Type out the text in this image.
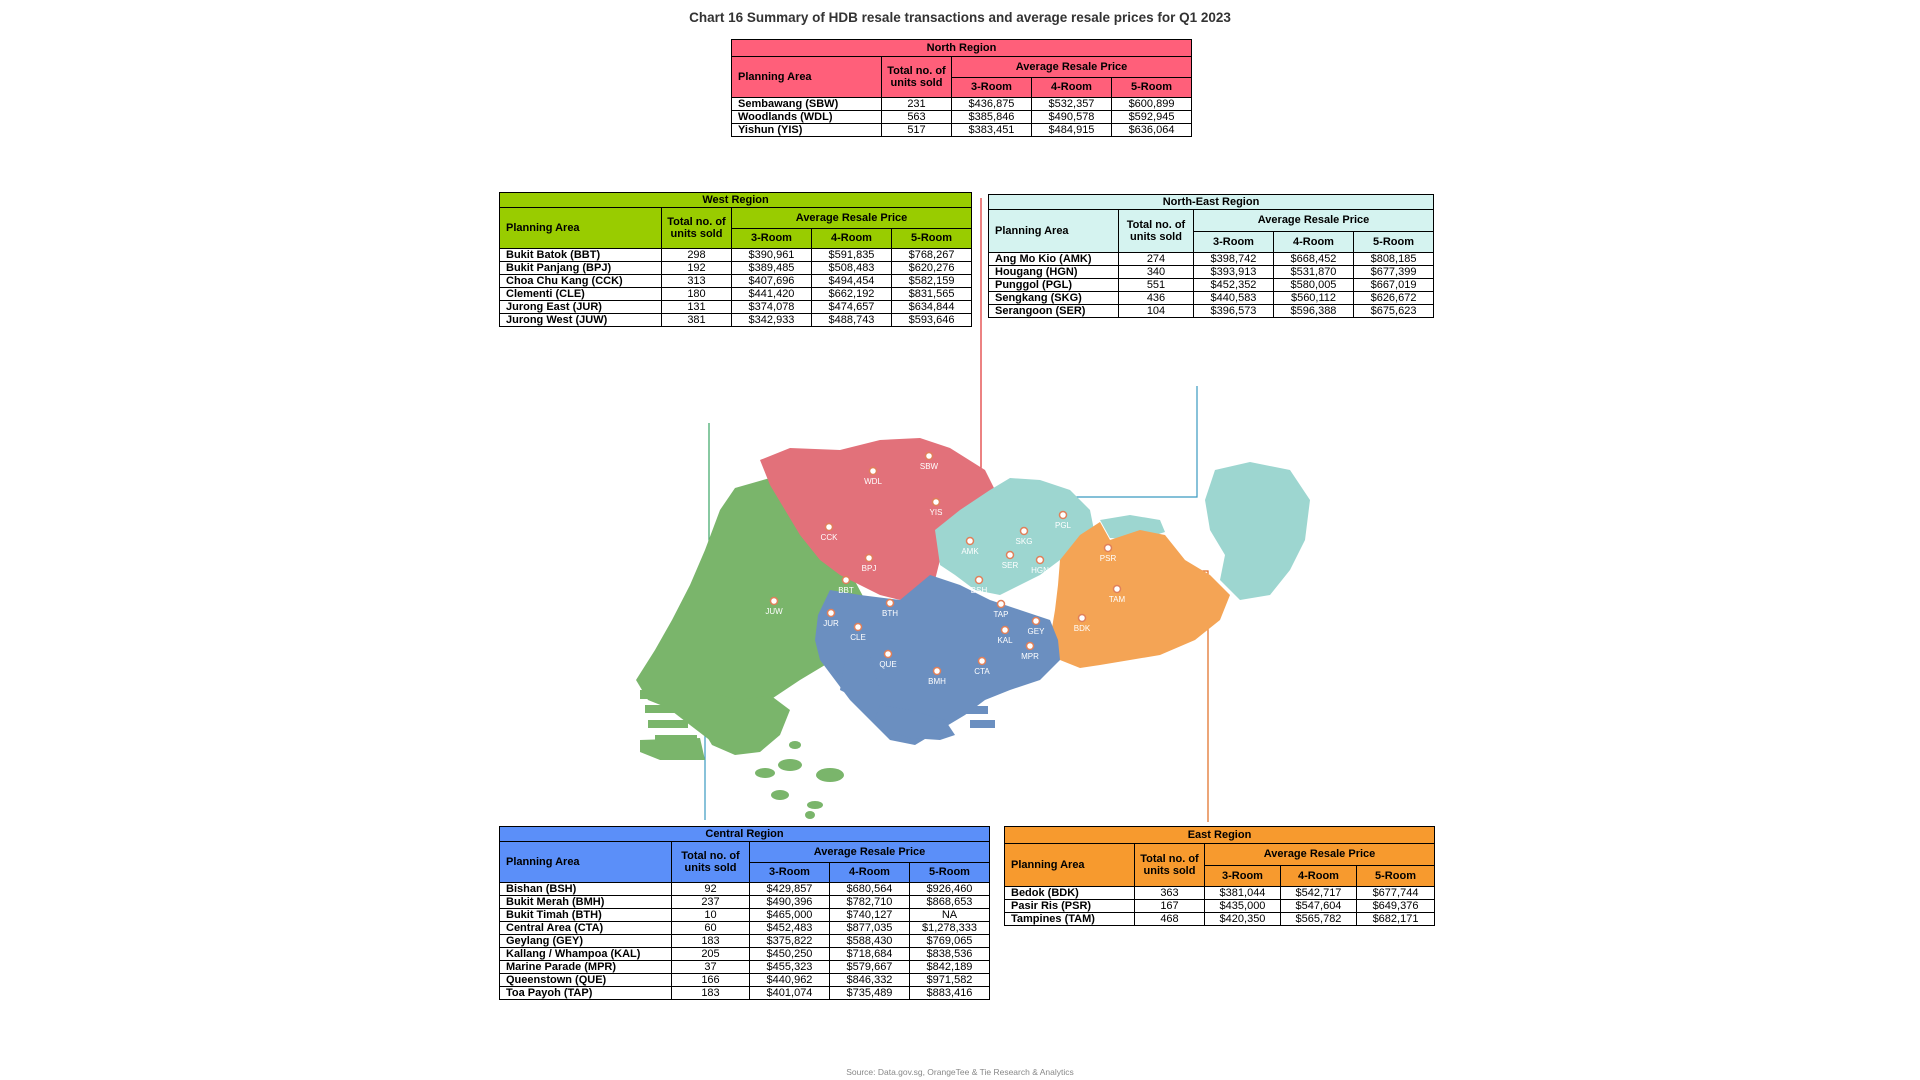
Chart 16 Summary of HDB resale transactions and average resale prices for Q1 2023
SBW
WDL
YIS
CCK
BPJ
BBT
JUW
JUR
CLE
BTH
AMK
SKG
PGL
SER
HGN
BSH
TAP
KAL
GEY
MPR
CTA
QUE
BMH
PSR
TAM
BDK
North Region				
Planning Area	Total no. of units sold	Average Resale Price		
		3-Room	4-Room	5-Room
Sembawang (SBW)	231	$436,875	$532,357	$600,899
Woodlands (WDL)	563	$385,846	$490,578	$592,945
Yishun (YIS)	517	$383,451	$484,915	$636,064
West Region				
Planning Area	Total no. of units sold	Average Resale Price		
		3-Room	4-Room	5-Room
Bukit Batok (BBT)	298	$390,961	$591,835	$768,267
Bukit Panjang (BPJ)	192	$389,485	$508,483	$620,276
Choa Chu Kang (CCK)	313	$407,696	$494,454	$582,159
Clementi (CLE)	180	$441,420	$662,192	$831,565
Jurong East (JUR)	131	$374,078	$474,657	$634,844
Jurong West (JUW)	381	$342,933	$488,743	$593,646
North-East Region				
Planning Area	Total no. of units sold	Average Resale Price		
		3-Room	4-Room	5-Room
Ang Mo Kio (AMK)	274	$398,742	$668,452	$808,185
Hougang (HGN)	340	$393,913	$531,870	$677,399
Punggol (PGL)	551	$452,352	$580,005	$667,019
Sengkang (SKG)	436	$440,583	$560,112	$626,672
Serangoon (SER)	104	$396,573	$596,388	$675,623
Central Region				
Planning Area	Total no. of units sold	Average Resale Price		
		3-Room	4-Room	5-Room
Bishan (BSH)	92	$429,857	$680,564	$926,460
Bukit Merah (BMH)	237	$490,396	$782,710	$868,653
Bukit Timah (BTH)	10	$465,000	$740,127	NA
Central Area (CTA)	60	$452,483	$877,035	$1,278,333
Geylang (GEY)	183	$375,822	$588,430	$769,065
Kallang / Whampoa (KAL)	205	$450,250	$718,684	$838,536
Marine Parade (MPR)	37	$455,323	$579,667	$842,189
Queenstown (QUE)	166	$440,962	$846,332	$971,582
Toa Payoh (TAP)	183	$401,074	$735,489	$883,416
East Region				
Planning Area	Total no. of units sold	Average Resale Price		
		3-Room	4-Room	5-Room
Bedok (BDK)	363	$381,044	$542,717	$677,744
Pasir Ris (PSR)	167	$435,000	$547,604	$649,376
Tampines (TAM)	468	$420,350	$565,782	$682,171
Source: Data.gov.sg, OrangeTee & Tie Research & Analytics
